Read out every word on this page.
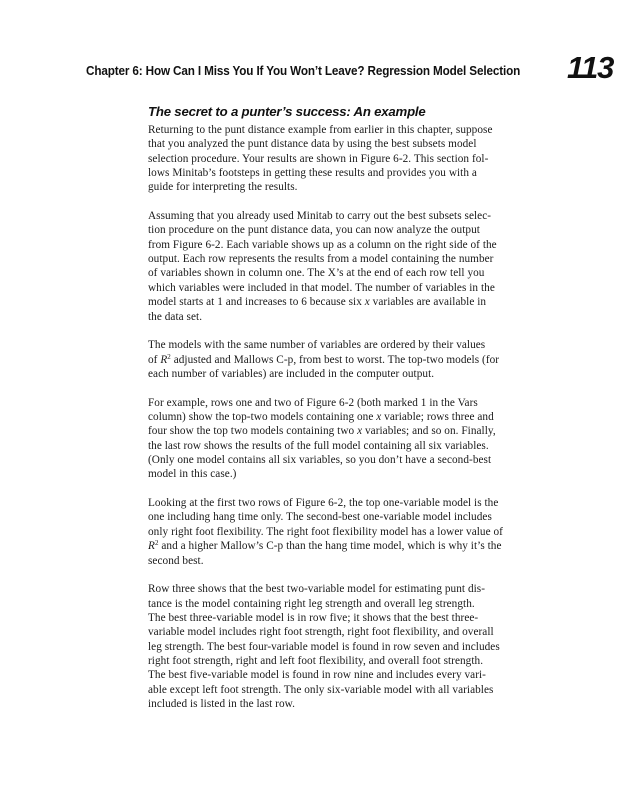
Chapter 6: How Can I Miss You If You Won’t Leave? Regression Model Selection 113
The secret to a punter’s success: An example

Returning to the punt distance example from earlier in this chapter, suppose
that you analyzed the punt distance data by using the best subsets model
selection procedure. Your results are shown in Figure 6-2. This section fol-
lows Minitab’s footsteps in getting these results and provides you with a
guide for interpreting the results.

Assuming that you already used Minitab to carry out the best subsets selec-
tion procedure on the punt distance data, you can now analyze the output
from Figure 6-2. Each variable shows up as a column on the right side of the
output. Each row represents the results from a model containing the number
of variables shown in column one. The X’s at the end of each row tell you
which variables were included in that model. The number of variables in the
model starts at 1 and increases to 6 because six x variables are available in
the data set.

The models with the same number of variables are ordered by their values
of $R^2$ adjusted and Mallows C-p, from best to worst. The top-two models (for
each number of variables) are included in the computer output.

For example, rows one and two of Figure 6-2 (both marked 1 in the Vars
column) show the top-two models containing one x variable; rows three and
four show the top two models containing two x variables; and so on. Finally,
the last row shows the results of the full model containing all six variables.
(Only one model contains all six variables, so you don’t have a second-best
model in this case.)

Looking at the first two rows of Figure 6-2, the top one-variable model is the
one including hang time only. The second-best one-variable model includes
only right foot flexibility. The right foot flexibility model has a lower value of
$R^2$ and a higher Mallow’s C-p than the hang time model, which is why it’s the
second best.

Row three shows that the best two-variable model for estimating punt dis-
tance is the model containing right leg strength and overall leg strength.
The best three-variable model is in row five; it shows that the best three-
variable model includes right foot strength, right foot flexibility, and overall
leg strength. The best four-variable model is found in row seven and includes
right foot strength, right and left foot flexibility, and overall foot strength.
The best five-variable model is found in row nine and includes every vari-
able except left foot strength. The only six-variable model with all variables
included is listed in the last row.
